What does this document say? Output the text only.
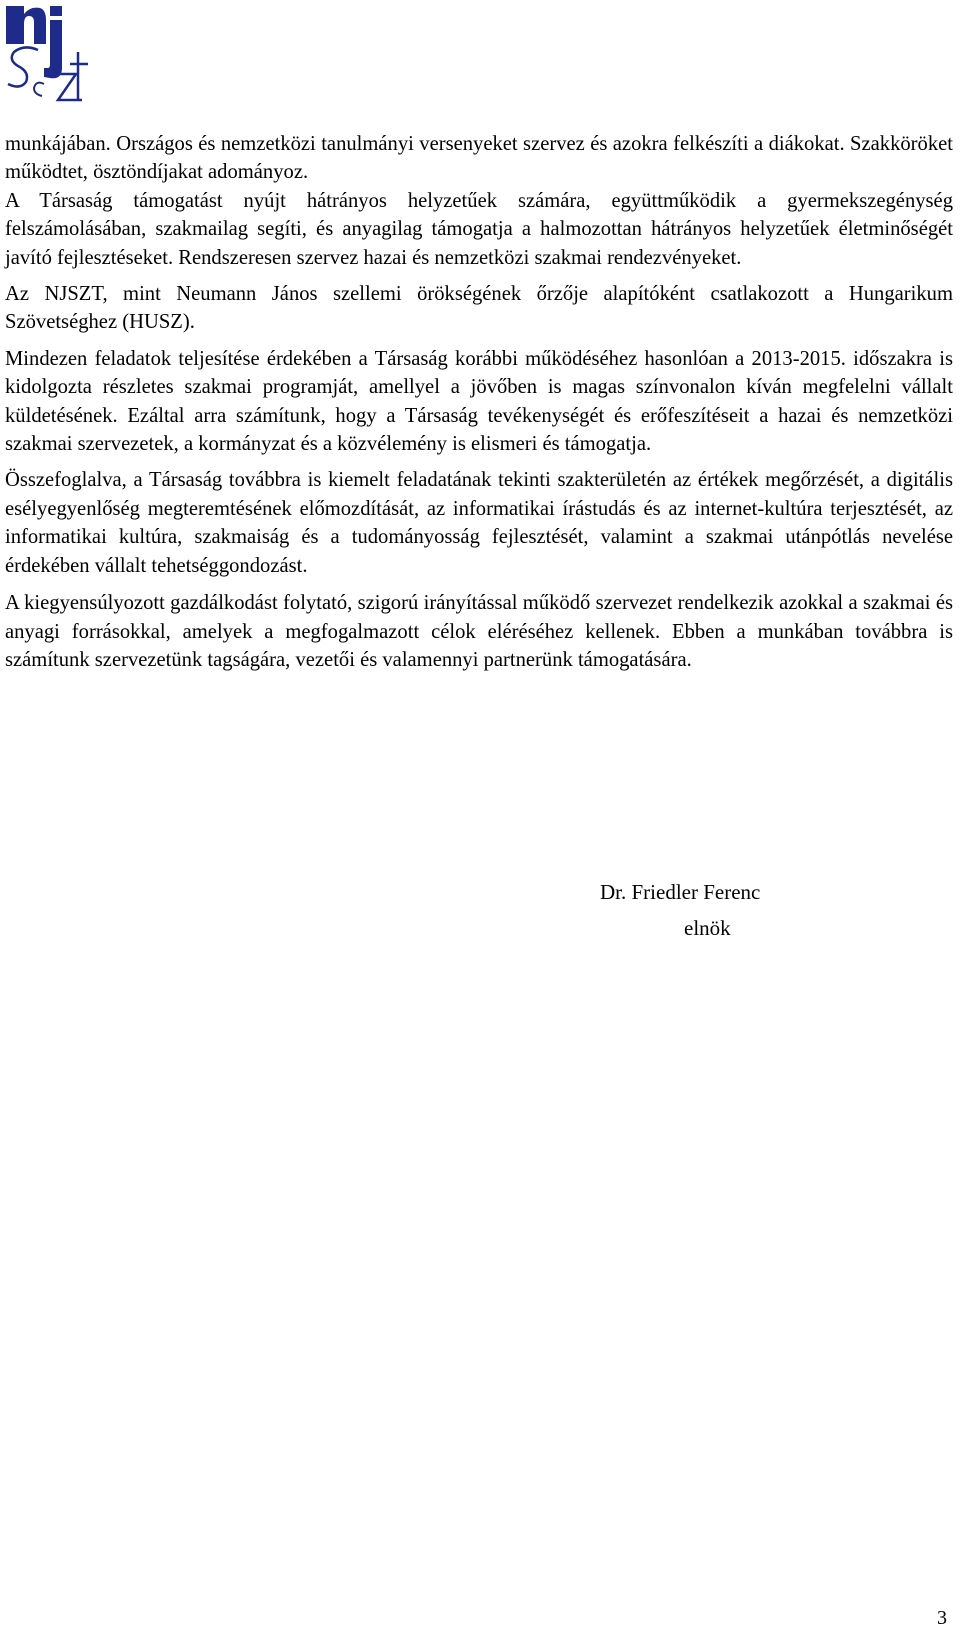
munkájában. Országos és nemzetközi tanulmányi versenyeket szervez és azokra felkészíti a diákokat. Szakköröket működtet, ösztöndíjakat adományoz.

A Társaság támogatást nyújt hátrányos helyzetűek számára, együttműködik a gyermekszegénység felszámolásában, szakmailag segíti, és anyagilag támogatja a halmozottan hátrányos helyzetűek életminőségét javító fejlesztéseket. Rendszeresen szervez hazai és nemzetközi szakmai rendezvényeket.

Az NJSZT, mint Neumann János szellemi örökségének őrzője alapítóként csatlakozott a Hungarikum Szövetséghez (HUSZ).

Mindezen feladatok teljesítése érdekében a Társaság korábbi működéséhez hasonlóan a 2013-2015. időszakra is kidolgozta részletes szakmai programját, amellyel a jövőben is magas színvonalon kíván megfelelni vállalt küldetésének. Ezáltal arra számítunk, hogy a Társaság tevékenységét és erőfeszítéseit a hazai és nemzetközi szakmai szervezetek, a kormányzat és a közvélemény is elismeri és támogatja.

Összefoglalva, a Társaság továbbra is kiemelt feladatának tekinti szakterületén az értékek megőrzését, a digitális esélyegyenlőség megteremtésének előmozdítását, az informatikai írástudás és az internet-kultúra terjesztését, az informatikai kultúra, szakmaiság és a tudományosság fejlesztését, valamint a szakmai utánpótlás nevelése érdekében vállalt tehetséggondozást.

A kiegyensúlyozott gazdálkodást folytató, szigorú irányítással működő szervezet rendelkezik azokkal a szakmai és anyagi forrásokkal, amelyek a megfogalmazott célok eléréséhez kellenek. Ebben a munkában továbbra is számítunk szervezetünk tagságára, vezetői és valamennyi partnerünk támogatására.

Dr. Friedler Ferenc
elnök
3
